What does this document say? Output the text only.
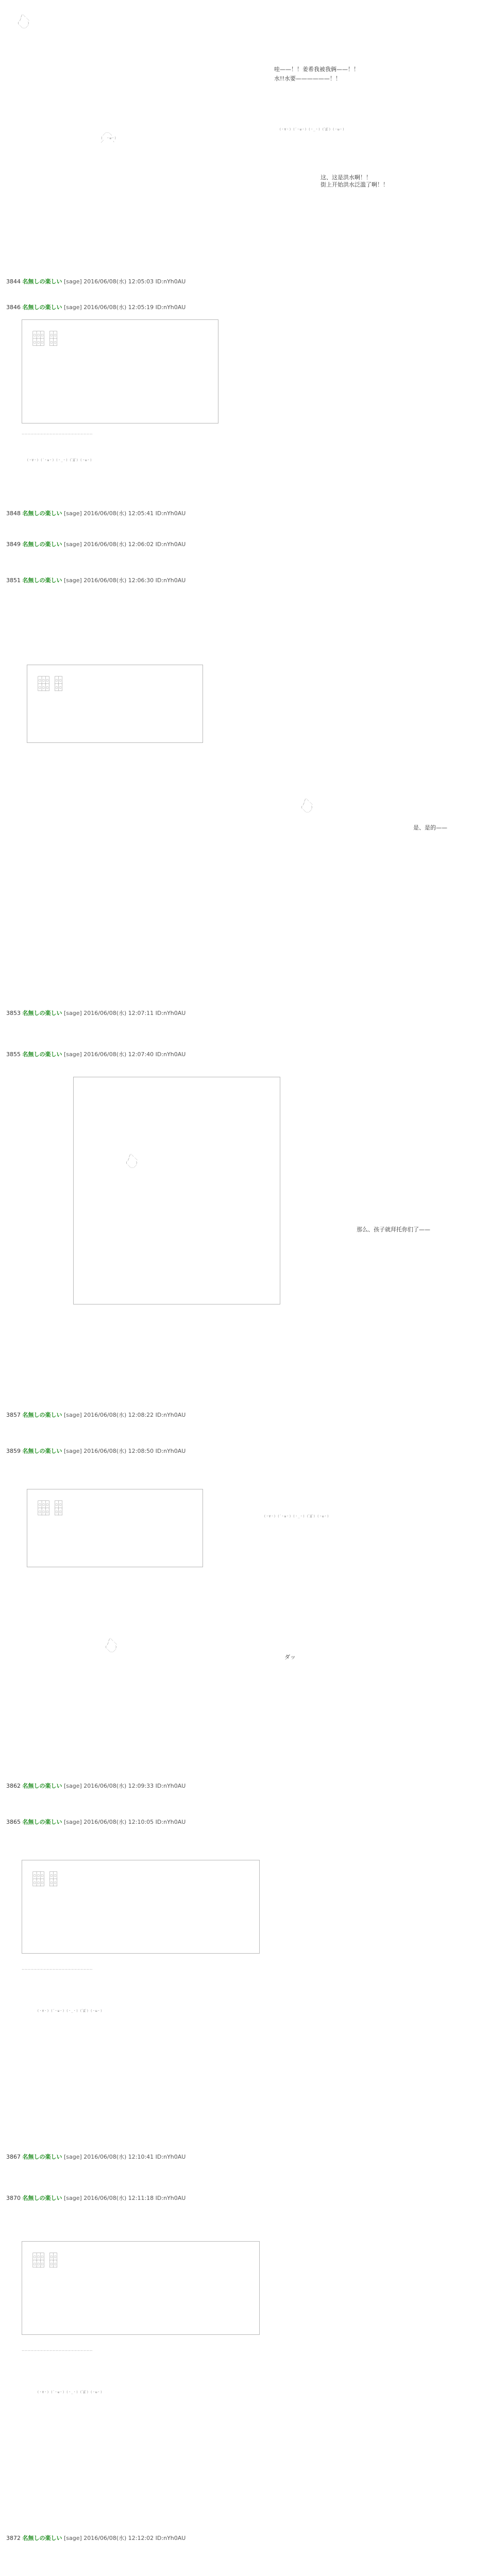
　　　/＼
　　 /　 ＼
　　(　　 )
　　 ＼＿／
／￣＼
(  ・ω・)
／　　 ヽ
(・∀・) (´・ω・) (・_・) (ﾟДﾟ) (・ω・)
哇——！！姜希我被我俩——！！
水!!水要——————！！
这、这是洪水啊！！
街上开始洪水泛滥了啊！！
3844 名無しの楽しい [sage] 2016/06/08(水) 12:05:03 ID:nYh0AU
3846 名無しの楽しい [sage] 2016/06/08(水) 12:05:19 ID:nYh0AU
┌─┬─┬─┐  ┌─┬─┐
│□│□│□│  │□│□│
├─┼─┼─┤  ├─┼─┤
│□│□│□│  │□│□│
└─┴─┴─┘  └─┴─┘
～～～～～～～～～～～～～～～～～～～～～～～
(・∀・) (´・ω・) (・_・) (ﾟДﾟ) (・ω・)
3848 名無しの楽しい [sage] 2016/06/08(水) 12:05:41 ID:nYh0AU
3849 名無しの楽しい [sage] 2016/06/08(水) 12:06:02 ID:nYh0AU
3851 名無しの楽しい [sage] 2016/06/08(水) 12:06:30 ID:nYh0AU
┌─┬─┬─┐  ┌─┬─┐
│□│□│□│  │□│□│
├─┼─┼─┤  ├─┼─┤
│□│□│□│  │□│□│
└─┴─┴─┘  └─┴─┘
　　　/＼
　　 /　 ＼
　　(　　 )
　　 ＼＿／
是、是的——
3853 名無しの楽しい [sage] 2016/06/08(水) 12:07:11 ID:nYh0AU
3855 名無しの楽しい [sage] 2016/06/08(水) 12:07:40 ID:nYh0AU
　　　/＼
　　 /　 ＼
　　(　　 )
　　 ＼＿／
那么、孩子就拜托你们了——
3857 名無しの楽しい [sage] 2016/06/08(水) 12:08:22 ID:nYh0AU
3859 名無しの楽しい [sage] 2016/06/08(水) 12:08:50 ID:nYh0AU
┌─┬─┬─┐  ┌─┬─┐
│□│□│□│  │□│□│
├─┼─┼─┤  ├─┼─┤
│□│□│□│  │□│□│
└─┴─┴─┘  └─┴─┘	(・∀・) (´・ω・) (・_・) (ﾟДﾟ) (・ω・)
　　　/＼
　　 /　 ＼
　　(　　 )
　　 ＼＿／
ダッ
3862 名無しの楽しい [sage] 2016/06/08(水) 12:09:33 ID:nYh0AU
3865 名無しの楽しい [sage] 2016/06/08(水) 12:10:05 ID:nYh0AU
┌─┬─┬─┐  ┌─┬─┐
│□│□│□│  │□│□│
├─┼─┼─┤  ├─┼─┤
│□│□│□│  │□│□│
└─┴─┴─┘  └─┴─┘
～～～～～～～～～～～～～～～～～～～～～～～
(・∀・) (´・ω・) (・_・) (ﾟДﾟ) (・ω・)
3867 名無しの楽しい [sage] 2016/06/08(水) 12:10:41 ID:nYh0AU
3870 名無しの楽しい [sage] 2016/06/08(水) 12:11:18 ID:nYh0AU
┌─┬─┬─┐  ┌─┬─┐
│□│□│□│  │□│□│
├─┼─┼─┤  ├─┼─┤
│□│□│□│  │□│□│
└─┴─┴─┘  └─┴─┘
～～～～～～～～～～～～～～～～～～～～～～～
(・∀・) (´・ω・) (・_・) (ﾟДﾟ) (・ω・)
3872 名無しの楽しい [sage] 2016/06/08(水) 12:12:02 ID:nYh0AU
